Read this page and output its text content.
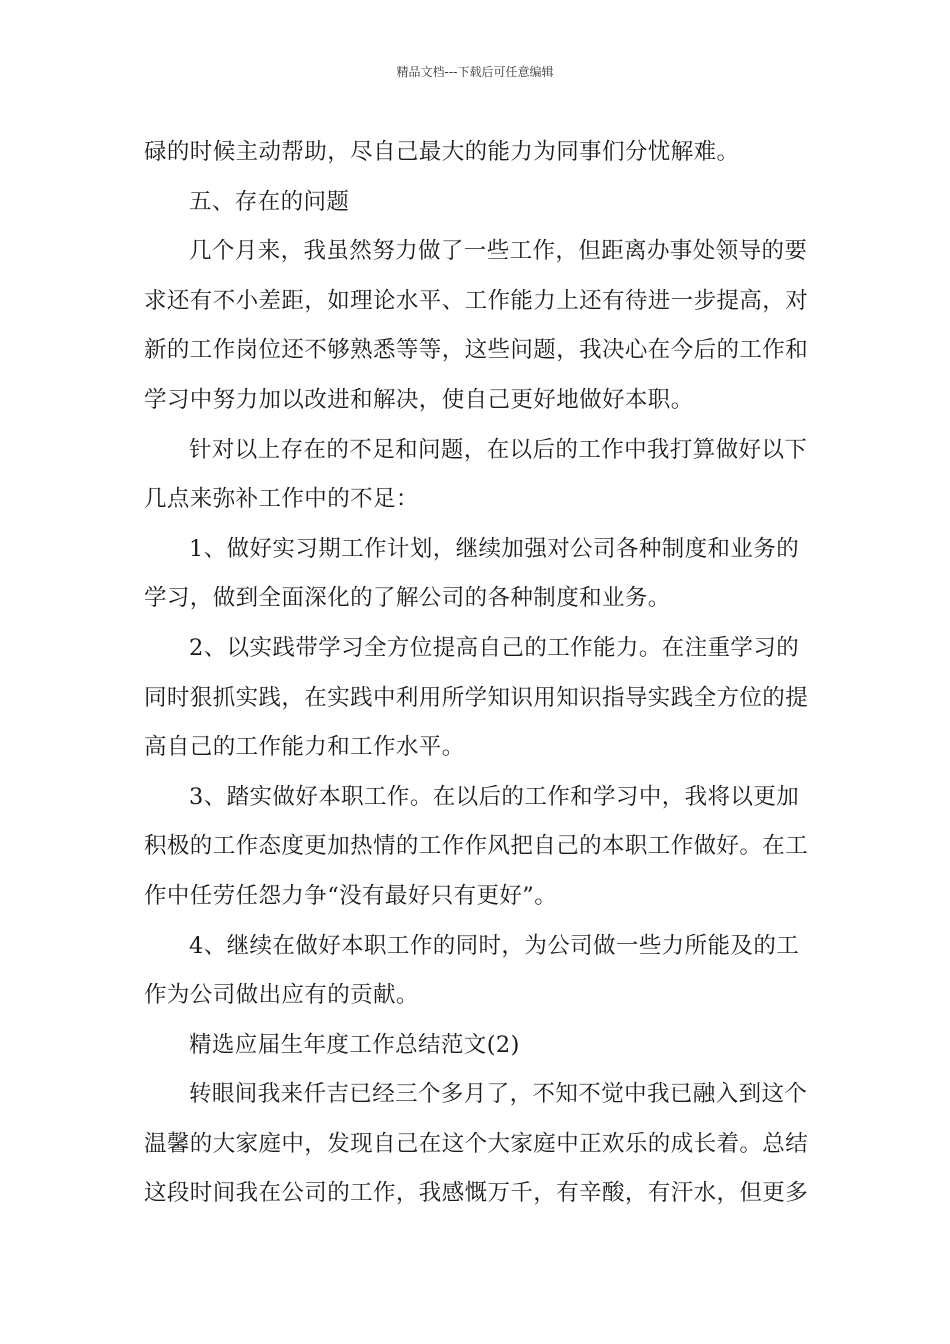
精品文档---下载后可任意编辑

碌的时候主动帮助，尽自己最大的能力为同事们分忧解难。

五、存在的问题

几个月来，我虽然努力做了一些工作，但距离办事处领导的要求还有不小差距，如理论水平、工作能力上还有待进一步提高，对新的工作岗位还不够熟悉等等，这些问题，我决心在今后的工作和学习中努力加以改进和解决，使自己更好地做好本职。

针对以上存在的不足和问题，在以后的工作中我打算做好以下几点来弥补工作中的不足：

1、做好实习期工作计划，继续加强对公司各种制度和业务的学习，做到全面深化的了解公司的各种制度和业务。

2、以实践带学习全方位提高自己的工作能力。在注重学习的同时狠抓实践，在实践中利用所学知识用知识指导实践全方位的提高自己的工作能力和工作水平。

3、踏实做好本职工作。在以后的工作和学习中，我将以更加积极的工作态度更加热情的工作作风把自己的本职工作做好。在工作中任劳任怨力争“没有最好只有更好”。

4、继续在做好本职工作的同时，为公司做一些力所能及的工作为公司做出应有的贡献。

精选应届生年度工作总结范文(2)

转眼间我来仟吉已经三个多月了，不知不觉中我已融入到这个温馨的大家庭中，发现自己在这个大家庭中正欢乐的成长着。总结这段时间我在公司的工作，我感慨万千，有辛酸，有汗水，但更多
